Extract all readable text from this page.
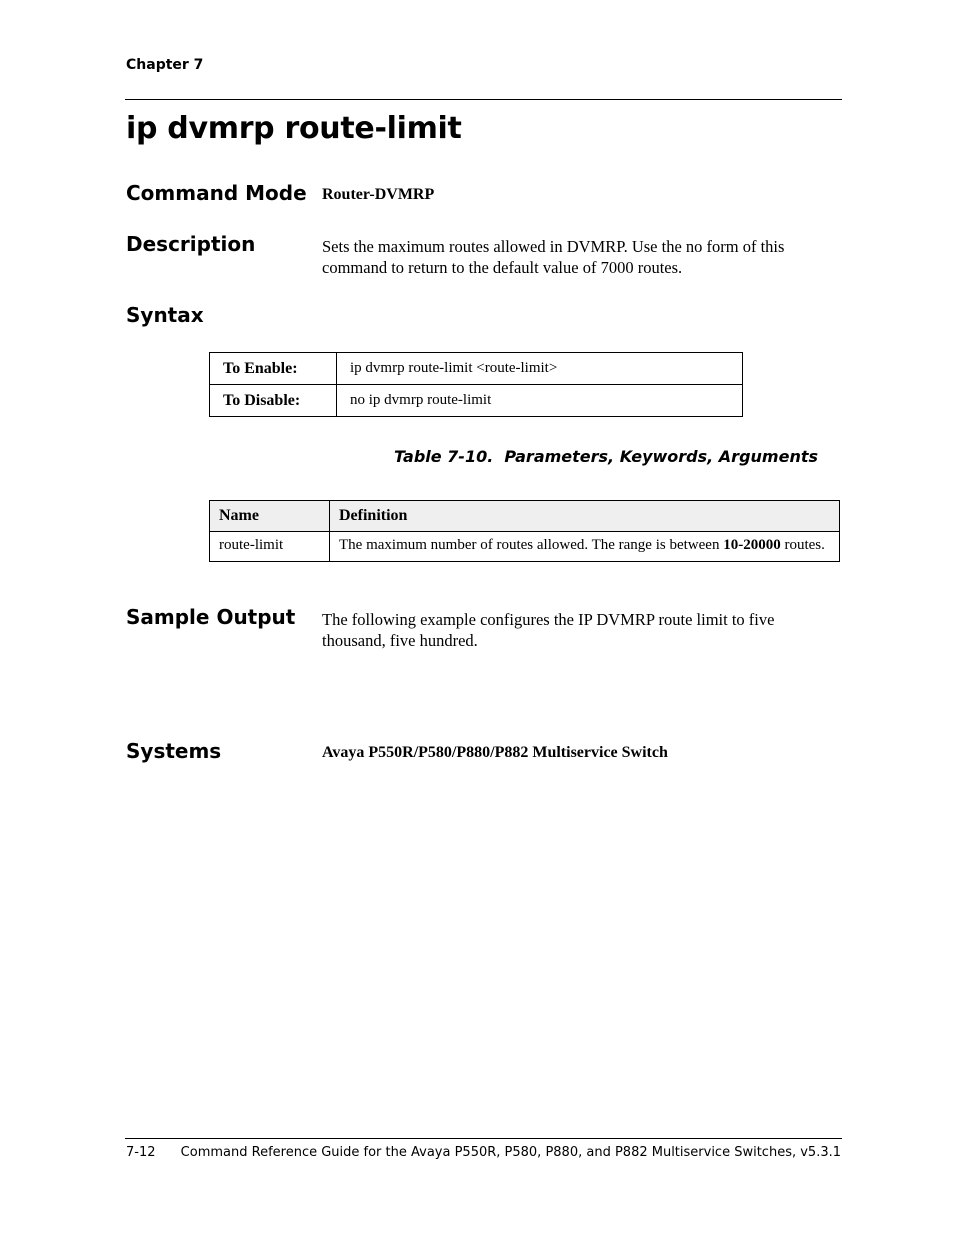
Chapter 7
ip dvmrp route-limit
Command Mode Router-DVMRP
Description	Sets the maximum routes allowed in DVMRP. Use the no form of this command to return to the default value of 7000 routes.
Syntax
To Enable:	ip dvmrp route-limit <route-limit>
To Disable:	no ip dvmrp route-limit
Table 7-10.  Parameters, Keywords, Arguments
Name	Definition
route-limit	The maximum number of routes allowed. The range is between 10-20000 routes.
Sample Output The following example configures the IP DVMRP route limit to five thousand, five hundred.
Systems	Avaya P550R/P580/P880/P882 Multiservice Switch
7-12 Command Reference Guide for the Avaya P550R, P580, P880, and P882 Multiservice Switches, v5.3.1
